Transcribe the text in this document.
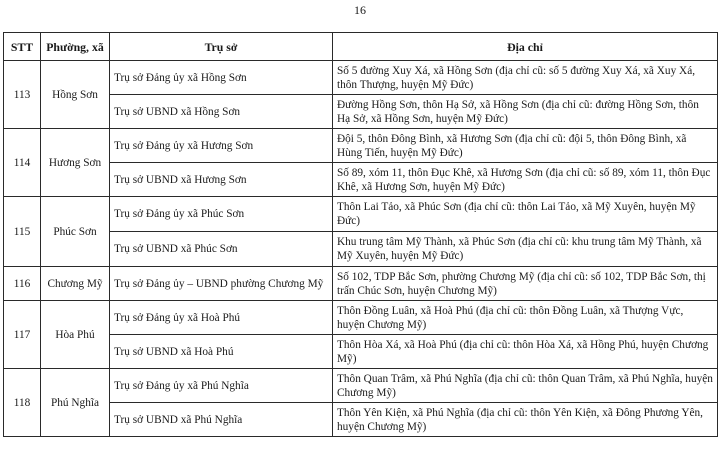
16
STT	Phường, xã	Trụ sở	Địa chỉ
113	Hồng Sơn	Trụ sở Đảng ủy xã Hồng Sơn	Số 5 đường Xuy Xá, xã Hồng Sơn (địa chỉ cũ: số 5 đường Xuy Xá, xã Xuy Xá, thôn Thượng, huyện Mỹ Đức)
		Trụ sở UBND xã Hồng Sơn	Đường Hồng Sơn, thôn Hạ Sở, xã Hồng Sơn (địa chỉ cũ: đường Hồng Sơn, thôn Hạ Sở, xã Hồng Sơn, huyện Mỹ Đức)
114	Hương Sơn	Trụ sở Đảng ủy xã Hương Sơn	Đội 5, thôn Đông Bình, xã Hương Sơn (địa chỉ cũ: đội 5, thôn Đông Bình, xã Hùng Tiến, huyện Mỹ Đức)
		Trụ sở UBND xã Hương Sơn	Số 89, xóm 11, thôn Đục Khê, xã Hương Sơn (địa chỉ cũ: số 89, xóm 11, thôn Đục Khê, xã Hương Sơn, huyện Mỹ Đức)
115	Phúc Sơn	Trụ sở Đảng ủy xã Phúc Sơn	Thôn Lai Tảo, xã Phúc Sơn (địa chỉ cũ: thôn Lai Tảo, xã Mỹ Xuyên, huyện Mỹ Đức)
		Trụ sở UBND xã Phúc Sơn	Khu trung tâm Mỹ Thành, xã Phúc Sơn (địa chỉ cũ: khu trung tâm Mỹ Thành, xã Mỹ Xuyên, huyện Mỹ Đức)
116	Chương Mỹ	Trụ sở Đảng ủy – UBND phường Chương Mỹ	Số 102, TDP Bắc Sơn, phường Chương Mỹ (địa chỉ cũ: số 102, TDP Bắc Sơn, thị trấn Chúc Sơn, huyện Chương Mỹ)
117	Hòa Phú	Trụ sở Đảng ủy xã Hoà Phú	Thôn Đồng Luân, xã Hoà Phú (địa chỉ cũ: thôn Đồng Luân, xã Thượng Vực, huyện Chương Mỹ)
		Trụ sở UBND xã Hoà Phú	Thôn Hòa Xá, xã Hoà Phú (địa chỉ cũ: thôn Hòa Xá, xã Hồng Phú, huyện Chương Mỹ)
118	Phú Nghĩa	Trụ sở Đảng ủy xã Phú Nghĩa	Thôn Quan Trâm, xã Phú Nghĩa (địa chỉ cũ: thôn Quan Trâm, xã Phú Nghĩa, huyện Chương Mỹ)
		Trụ sở UBND xã Phú Nghĩa	Thôn Yên Kiện, xã Phú Nghĩa (địa chỉ cũ: thôn Yên Kiện, xã Đông Phương Yên, huyện Chương Mỹ)
